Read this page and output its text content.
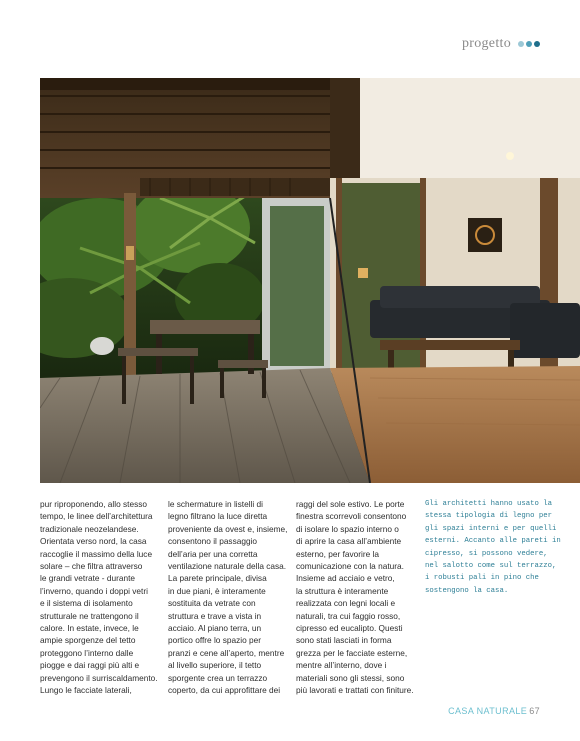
progetto
pur riproponendo, allo stesso
tempo, le linee dell’architettura
tradizionale neozelandese.
Orientata verso nord, la casa
raccoglie il massimo della luce
solare – che filtra attraverso
le grandi vetrate - durante
l’inverno, quando i doppi vetri
e il sistema di isolamento
strutturale ne trattengono il
calore. In estate, invece, le
ampie sporgenze del tetto
proteggono l’interno dalle
piogge e dai raggi più alti e
prevengono il surriscaldamento.
Lungo le facciate laterali,
le schermature in listelli di
legno filtrano la luce diretta
proveniente da ovest e, insieme,
consentono il passaggio
dell’aria per una corretta
ventilazione naturale della casa.
La parete principale, divisa
in due piani, è interamente
sostituita da vetrate con
struttura e trave a vista in
acciaio. Al piano terra, un
portico offre lo spazio per
pranzi e cene all’aperto, mentre
al livello superiore, il tetto
sporgente crea un terrazzo
coperto, da cui approfittare dei
raggi del sole estivo. Le porte
finestra scorrevoli consentono
di isolare lo spazio interno o
di aprire la casa all’ambiente
esterno, per favorire la
comunicazione con la natura.
Insieme ad acciaio e vetro,
la struttura è interamente
realizzata con legni locali e
naturali, tra cui faggio rosso,
cipresso ed eucalipto. Questi
sono stati lasciati in forma
grezza per le facciate esterne,
mentre all’interno, dove i
materiali sono gli stessi, sono
più lavorati e trattati con finiture.
Gli architetti hanno usato la
stessa tipologia di legno per
gli spazi interni e per quelli
esterni. Accanto alle pareti in
cipresso, si possono vedere,
nel salotto come sul terrazzo,
i robusti pali in pino che
sostengono la casa.
CASA NATURALE 67
